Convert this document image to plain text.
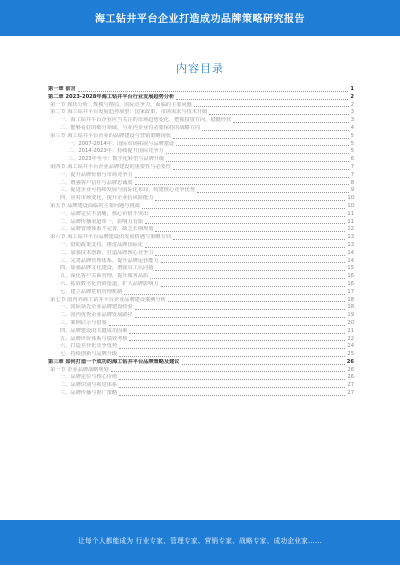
海工钻井平台企业打造成功品牌策略研究报告
内容目录
第一章 前言	1
第二章 2023-2028年海工钻井平台行业发展趋势分析	2
第一节 现状分析：规模与格局，国际竞争力，面临的主要问题	2
第二节 海工钻井平台发展趋势展望：国家政策，市场需求与技术升级	3
一、海工钻井平台企业应当关注的市场趋势变化，把握投资方向，稳健经营	3
二、能够看好的细分领域，与业内企业有必要保持的战略方向	4
第三节 海工钻井平台企业的品牌建设与营销策略现状	5
一、2007-2014年：国际市场拓展与品牌建设	5
二、2014-2023年：持续提升国际竞争力	5
三、2023年至今：数字化转型与品牌升级	6
第四节 海工钻井平台企业品牌建设的重要性与必要性	7
一、提升品牌价值与市场竞争力	7
二、增强客户信任与品牌忠诚度	8
三、促进企业可持续发展与国际化布局，构建核心竞争优势	9
四、应对市场变化，提升企业抗风险能力	10
第五节 品牌建设面临的主要问题与挑战	10
一、品牌定位不清晰，核心价值不突出	11
二、品牌传播渠道单一，影响力有限	11
三、品牌管理体系不完善，缺乏长期规划	12
第六节 海工钻井平台品牌建设的发展机遇与策略方向	13
一、借助政策支持，推进品牌国际化	13
二、加强技术创新，打造品牌核心竞争力	14
三、完善品牌管理体系，提升品牌运营能力	14
四、加强品牌文化建设，增强员工认同感	15
五、深化客户关系管理，提升服务品质	16
六、拓展数字化营销渠道，扩大品牌影响力	16
七、建立品牌危机管理机制	17
第七节 国内外海工钻井平台企业品牌建设案例分析	18
一、国际领先企业品牌建设经验	18
二、国内优秀企业品牌发展路径	19
三、案例启示与借鉴	20
四、品牌建设的关键成功因素	21
五、品牌评价体系与绩效考核	22
六、打造差异化竞争优势	24
七、持续创新与品牌升级	25
第三章 如何打造一个成功的海工钻井平台品牌策略及建议	26
第一节 企业品牌战略规划	26
一、品牌定位与核心价值	26
二、品牌识别与视觉体系	27
三、品牌传播与推广策略	27
让每个人都能成为 行业专家、管理专家、营销专家、战略专家、成功企业家……
